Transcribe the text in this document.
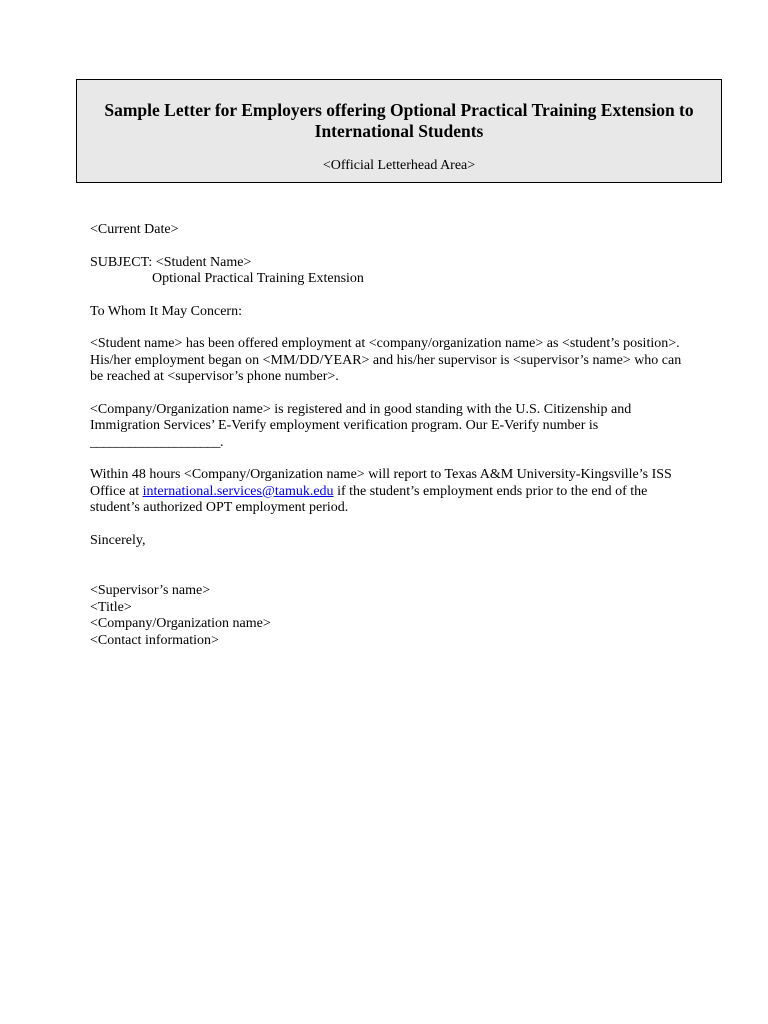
Sample Letter for Employers offering Optional Practical Training Extension to International Students
<Official Letterhead Area>

<Current Date>

SUBJECT: <Student Name>

Optional Practical Training Extension

To Whom It May Concern:

<Student name> has been offered employment at <company/organization name> as <student’s position>. His/her employment began on <MM/DD/YEAR> and his/her supervisor is <supervisor’s name> who can be reached at <supervisor’s phone number>.

<Company/Organization name> is registered and in good standing with the U.S. Citizenship and Immigration Services’ E-Verify employment verification program. Our E-Verify number is
____________________.

Within 48 hours <Company/Organization name> will report to Texas A&M University-Kingsville’s ISS Office at international.services@tamuk.edu if the student’s employment ends prior to the end of the student’s authorized OPT employment period.

Sincerely,

<Supervisor’s name>

<Title>

<Company/Organization name>

<Contact information>
